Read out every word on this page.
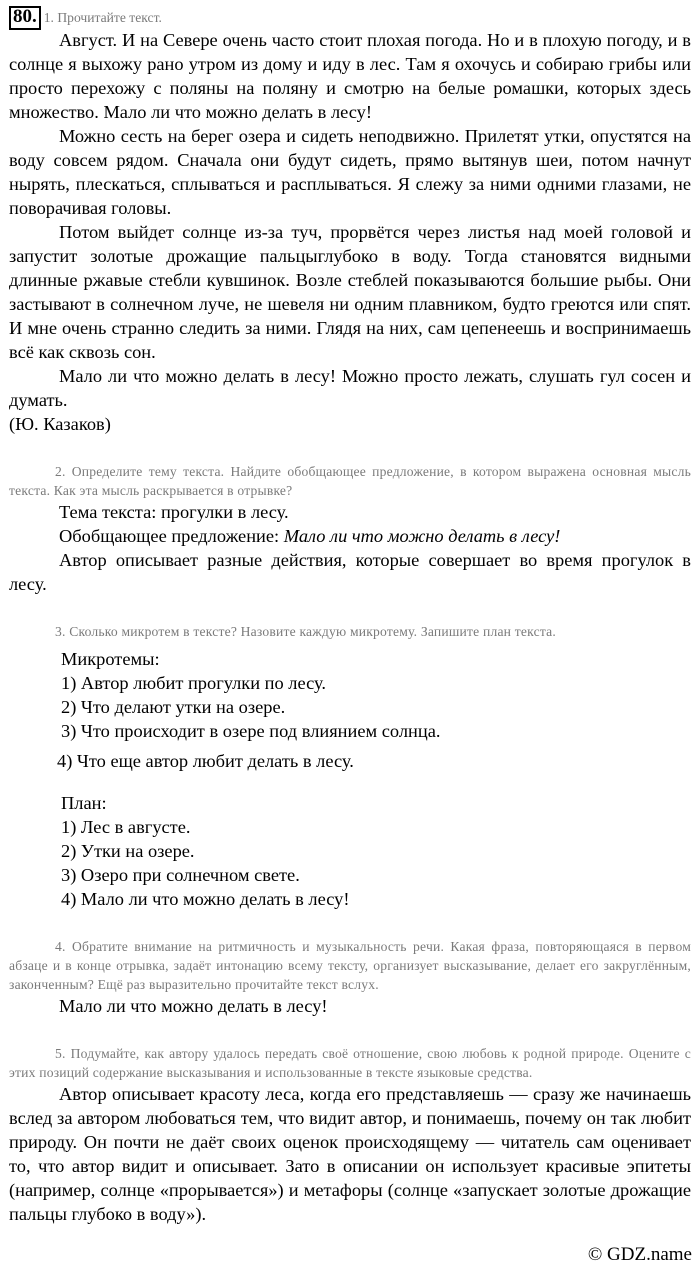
80. 1. Прочитайте текст.
Август. И на Севере очень часто стоит плохая погода. Но и в плохую погоду, и в солнце я выхожу рано утром из дому и иду в лес. Там я охочусь и собираю грибы или просто перехожу с поляны на поляну и смотрю на белые ромашки, которых здесь множество. Мало ли что можно делать в лесу!
Можно сесть на берег озера и сидеть неподвижно. Прилетят утки, опустятся на воду совсем рядом. Сначала они будут сидеть, прямо вытянув шеи, потом начнут нырять, плескаться, сплываться и расплываться. Я слежу за ними одними глазами, не поворачивая головы.
Потом выйдет солнце из-за туч, прорвётся через листья над моей головой и запустит золотые дрожащие пальцыглубоко в воду. Тогда становятся видными длинные ржавые стебли кувшинок. Возле стеблей показываются большие рыбы. Они застывают в солнечном луче, не шевеля ни одним плавником, будто греются или спят. И мне очень странно следить за ними. Глядя на них, сам цепенеешь и воспринимаешь всё как сквозь сон.
Мало ли что можно делать в лесу! Можно просто лежать, слушать гул сосен и думать.
(Ю. Казаков)
2. Определите тему текста. Найдите обобщающее предложение, в котором выражена основная мысль текста. Как эта мысль раскрывается в отрывке?
Тема текста: прогулки в лесу.
Обобщающее предложение: Мало ли что можно делать в лесу!
Автор описывает разные действия, которые совершает во время прогулок в лесу.
3. Сколько микротем в тексте? Назовите каждую микротему. Запишите план текста.
Микротемы:
1) Автор любит прогулки по лесу.
2) Что делают утки на озере.
3) Что происходит в озере под влиянием солнца.
4) Что еще автор любит делать в лесу.
План:
1) Лес в августе.
2) Утки на озере.
3) Озеро при солнечном свете.
4) Мало ли что можно делать в лесу!
4. Обратите внимание на ритмичность и музыкальность речи. Какая фраза, повторяющаяся в первом абзаце и в конце отрывка, задаёт интонацию всему тексту, организует высказывание, делает его закруглённым, законченным? Ещё раз выразительно прочитайте текст вслух.
Мало ли что можно делать в лесу!
5. Подумайте, как автору удалось передать своё отношение, свою любовь к родной природе. Оцените с этих позиций содержание высказывания и использованные в тексте языковые средства.
Автор описывает красоту леса, когда его представляешь — сразу же начинаешь вслед за автором любоваться тем, что видит автор, и понимаешь, почему он так любит природу. Он почти не даёт своих оценок происходящему — читатель сам оценивает то, что автор видит и описывает. Зато в описании он использует красивые эпитеты (например, солнце «прорывается») и метафоры (солнце «запускает золотые дрожащие пальцы глубоко в воду»).
© GDZ.name
